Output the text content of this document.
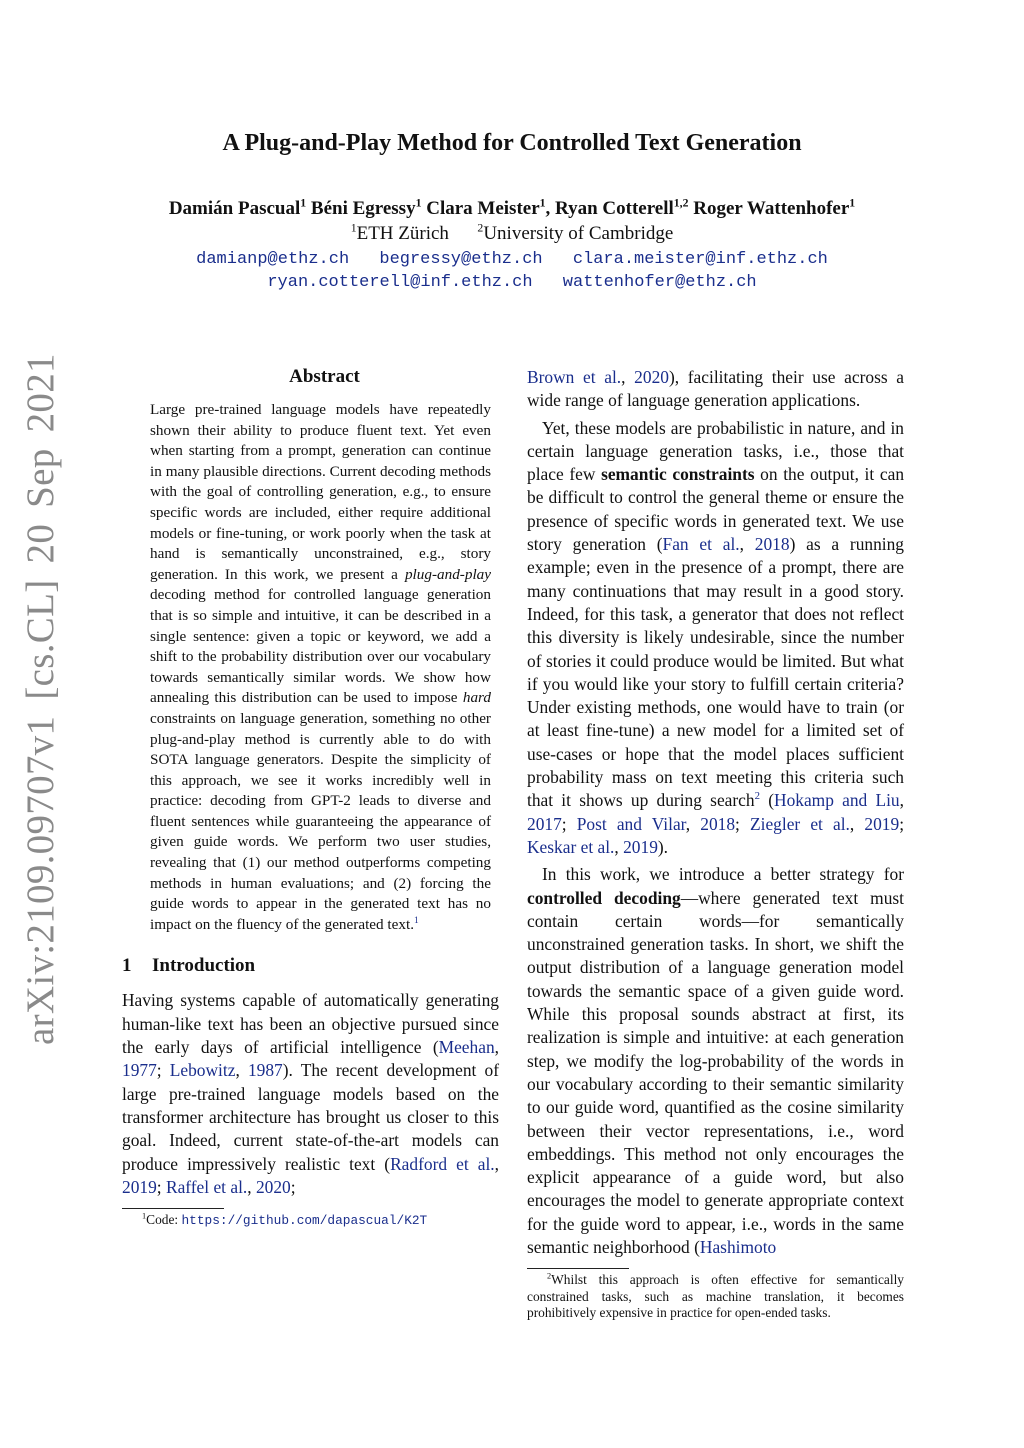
arXiv:2109.09707v1 [cs.CL] 20 Sep 2021
A Plug-and-Play Method for Controlled Text Generation
Damián Pascual$^1$ Béni Egressy$^1$ Clara Meister$^1$, Ryan Cotterell$^{1,2}$ Roger Wattenhofer$^1$
$^1$ETH Zürich $^2$University of Cambridge
damianp@ethz.ch begressy@ethz.ch clara.meister@inf.ethz.ch
ryan.cotterell@inf.ethz.ch wattenhofer@ethz.ch
Abstract
Large pre-trained language models have repeatedly shown their ability to produce fluent text. Yet even when starting from a prompt, generation can continue in many plausible directions. Current decoding methods with the goal of controlling generation, e.g., to ensure specific words are included, either require additional models or fine-tuning, or work poorly when the task at hand is semantically unconstrained, e.g., story generation. In this work, we present a plug-and-play decoding method for controlled language generation that is so simple and intuitive, it can be described in a single sentence: given a topic or keyword, we add a shift to the probability distribution over our vocabulary towards semantically similar words. We show how annealing this distribution can be used to impose hard constraints on language generation, something no other plug-and-play method is currently able to do with SOTA language generators. Despite the simplicity of this approach, we see it works incredibly well in practice: decoding from GPT-2 leads to diverse and fluent sentences while guaranteeing the appearance of given guide words. We perform two user studies, revealing that (1) our method outperforms competing methods in human evaluations; and (2) forcing the guide words to appear in the generated text has no impact on the fluency of the generated text.$^1$
1 Introduction

Having systems capable of automatically generating human-like text has been an objective pursued since the early days of artificial intelligence (Meehan, 1977; Lebowitz, 1987). The recent development of large pre-trained language models based on the transformer architecture has brought us closer to this goal. Indeed, current state-of-the-art models can produce impressively realistic text (Radford et al., 2019; Raffel et al., 2020;

$^1$Code: https://github.com/dapascual/K2T

Brown et al., 2020), facilitating their use across a wide range of language generation applications.

Yet, these models are probabilistic in nature, and in certain language generation tasks, i.e., those that place few semantic constraints on the output, it can be difficult to control the general theme or ensure the presence of specific words in generated text. We use story generation (Fan et al., 2018) as a running example; even in the presence of a prompt, there are many continuations that may result in a good story. Indeed, for this task, a generator that does not reflect this diversity is likely undesirable, since the number of stories it could produce would be limited. But what if you would like your story to fulfill certain criteria? Under existing methods, one would have to train (or at least fine-tune) a new model for a limited set of use-cases or hope that the model places sufficient probability mass on text meeting this criteria such that it shows up during search$^2$ (Hokamp and Liu, 2017; Post and Vilar, 2018; Ziegler et al., 2019; Keskar et al., 2019).

In this work, we introduce a better strategy for controlled decoding—where generated text must contain certain words—for semantically unconstrained generation tasks. In short, we shift the output distribution of a language generation model towards the semantic space of a given guide word. While this proposal sounds abstract at first, its realization is simple and intuitive: at each generation step, we modify the log-probability of the words in our vocabulary according to their semantic similarity to our guide word, quantified as the cosine similarity between their vector representations, i.e., word embeddings. This method not only encourages the explicit appearance of a guide word, but also encourages the model to generate appropriate context for the guide word to appear, i.e., words in the same semantic neighborhood (Hashimoto

$^2$Whilst this approach is often effective for semantically constrained tasks, such as machine translation, it becomes prohibitively expensive in practice for open-ended tasks.
